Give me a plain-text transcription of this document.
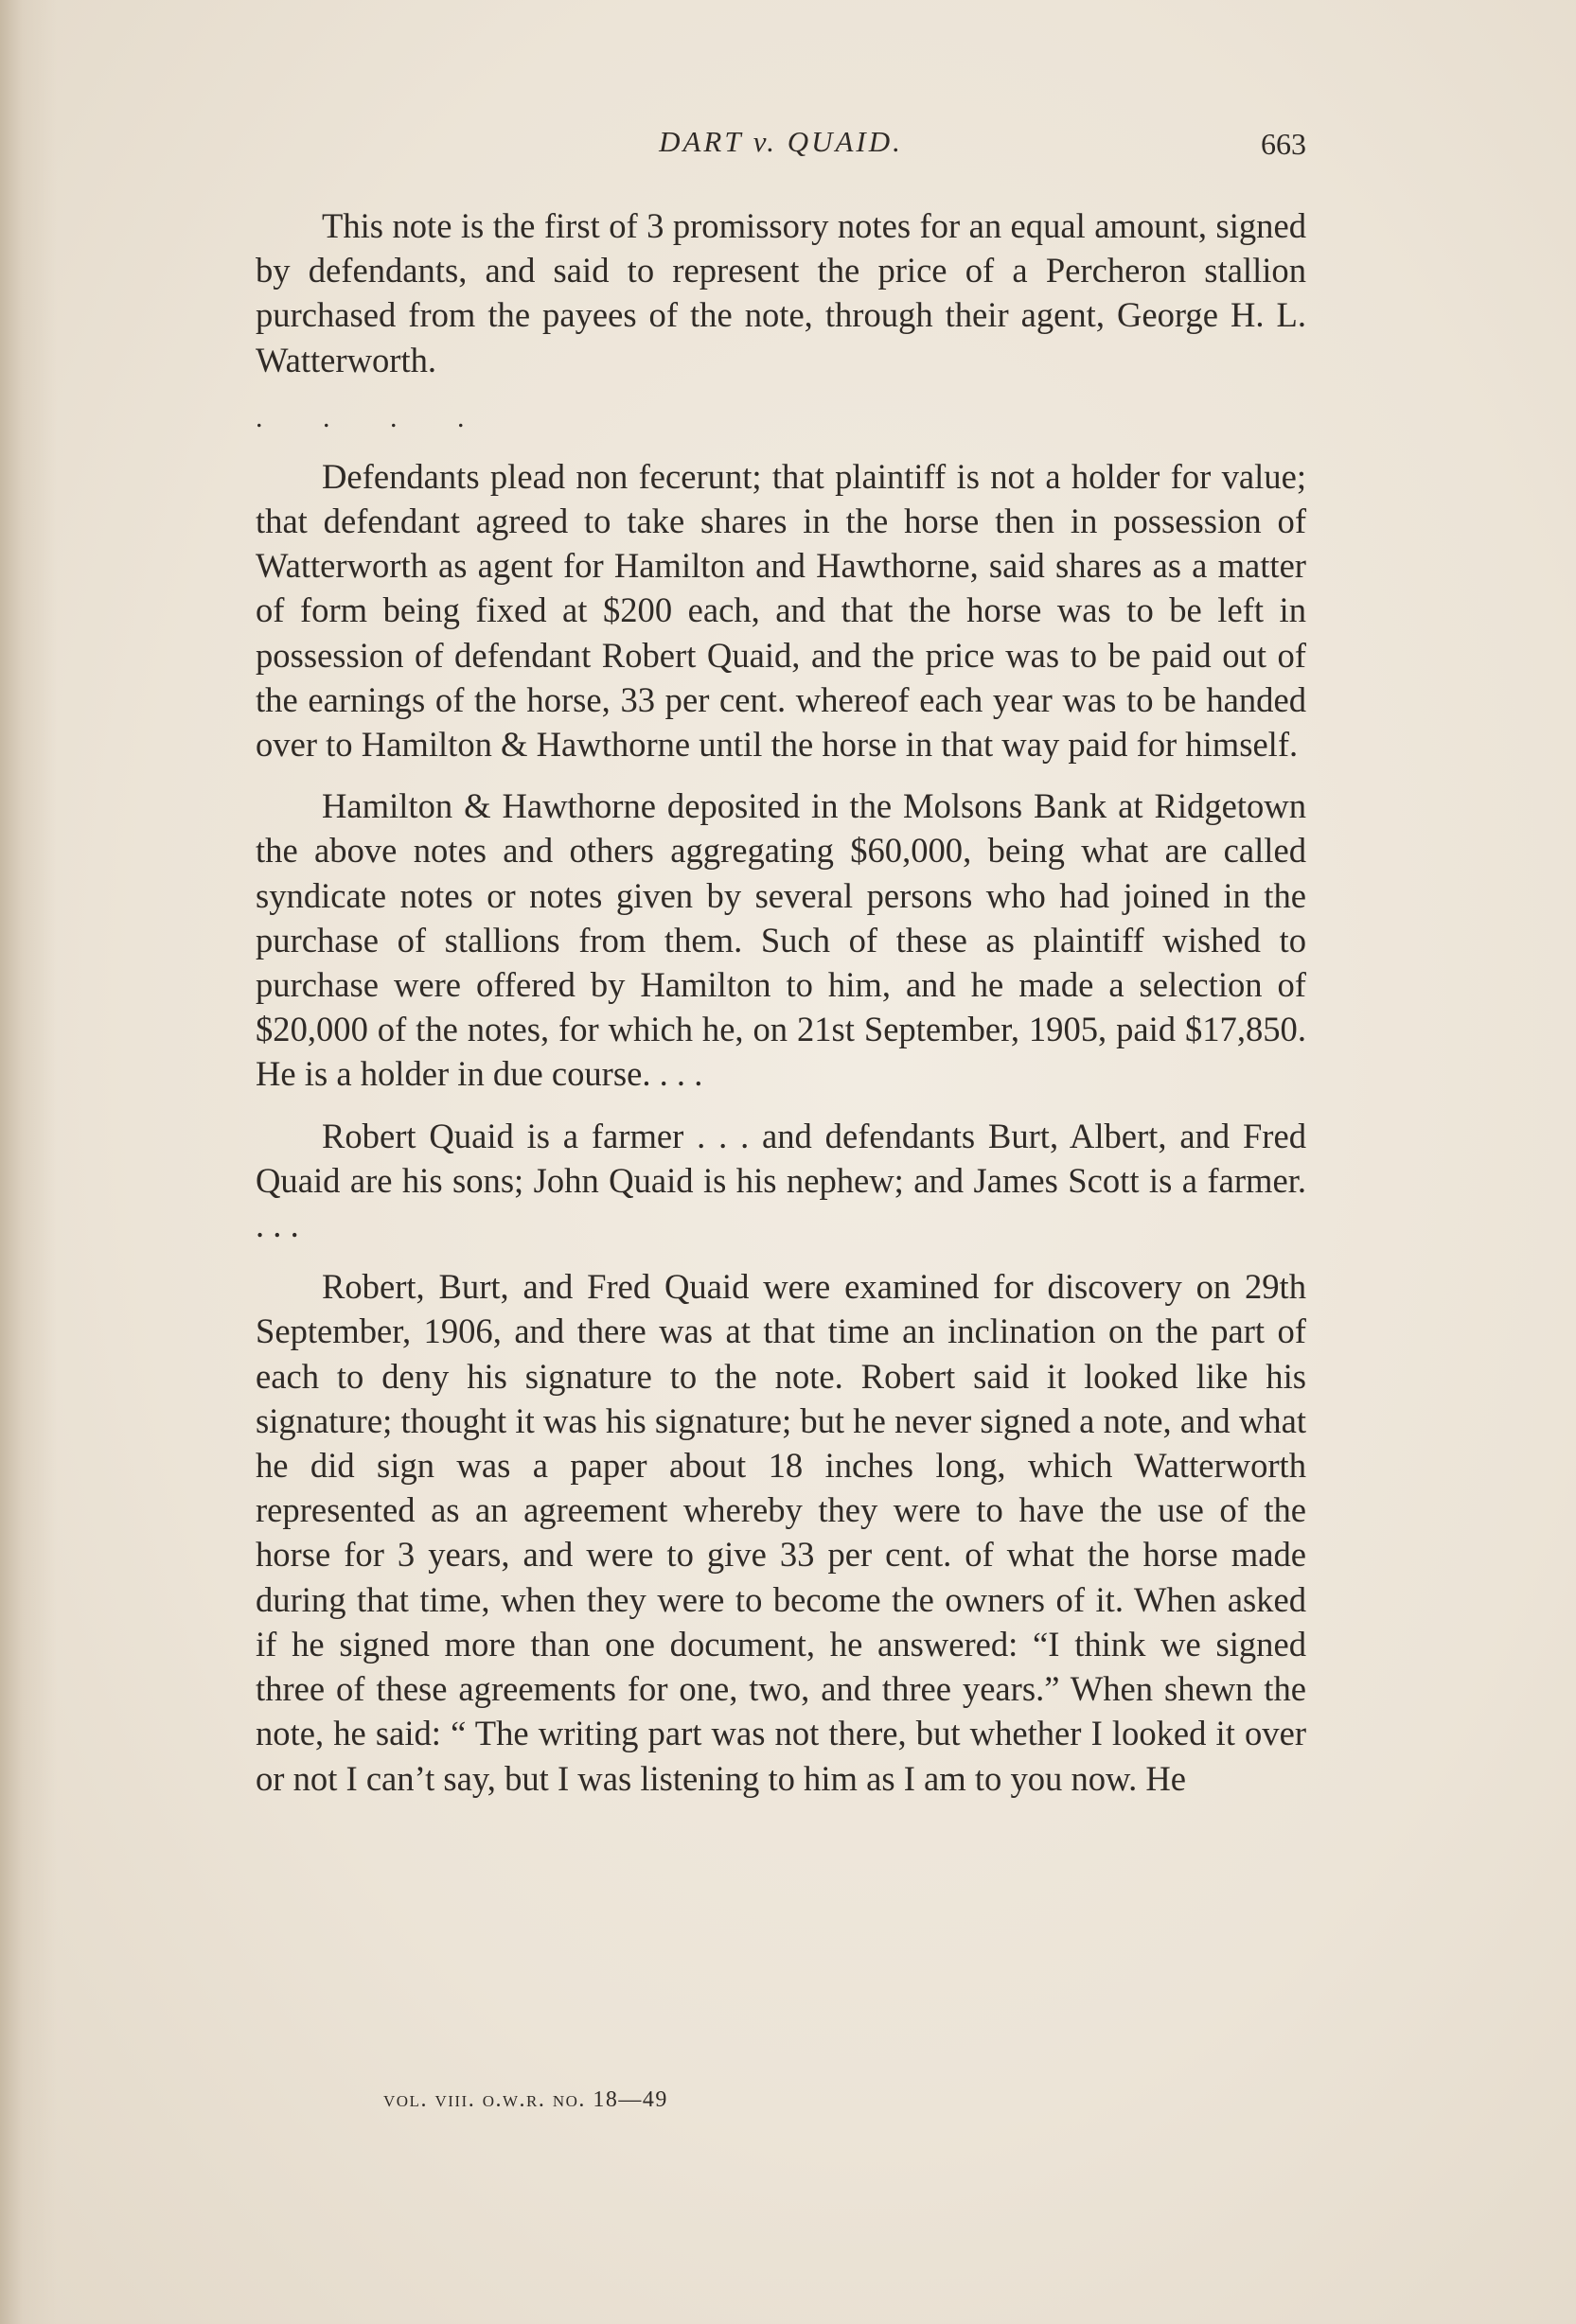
DART v. QUAID.	663

This note is the first of 3 promissory notes for an equal amount, signed by defendants, and said to represent the price of a Percheron stallion purchased from the payees of the note, through their agent, George H. L. Watterworth.

. . . .

Defendants plead non fecerunt; that plaintiff is not a holder for value; that defendant agreed to take shares in the horse then in possession of Watterworth as agent for Hamilton and Hawthorne, said shares as a matter of form being fixed at $200 each, and that the horse was to be left in possession of defendant Robert Quaid, and the price was to be paid out of the earnings of the horse, 33 per cent. whereof each year was to be handed over to Hamilton & Hawthorne until the horse in that way paid for himself.

Hamilton & Hawthorne deposited in the Molsons Bank at Ridgetown the above notes and others aggregating $60,000, being what are called syndicate notes or notes given by several persons who had joined in the purchase of stallions from them. Such of these as plaintiff wished to purchase were offered by Hamilton to him, and he made a selection of $20,000 of the notes, for which he, on 21st September, 1905, paid $17,850. He is a holder in due course. . . .

Robert Quaid is a farmer . . . and defendants Burt, Albert, and Fred Quaid are his sons; John Quaid is his nephew; and James Scott is a farmer. . . .

Robert, Burt, and Fred Quaid were examined for discovery on 29th September, 1906, and there was at that time an inclination on the part of each to deny his signature to the note. Robert said it looked like his signature; thought it was his signature; but he never signed a note, and what he did sign was a paper about 18 inches long, which Watterworth represented as an agreement whereby they were to have the use of the horse for 3 years, and were to give 33 per cent. of what the horse made during that time, when they were to become the owners of it. When asked if he signed more than one document, he answered: “I think we signed three of these agreements for one, two, and three years.” When shewn the note, he said: “ The writing part was not there, but whether I looked it over or not I can’t say, but I was listening to him as I am to you now. He

vol. viii. o.w.r. no. 18—49
